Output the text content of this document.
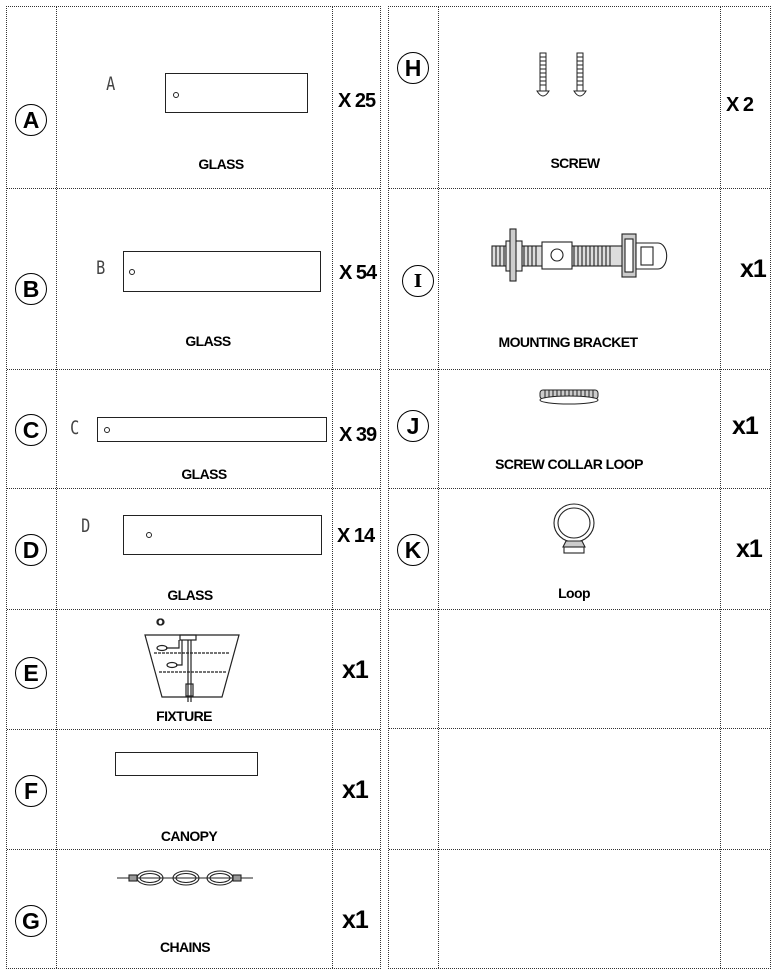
A
A
GLASS
X 25
B
B
GLASS
X 54
C	C
GLASS
X 39
D
D
GLASS
X 14
E
FIXTURE
x1
F
CANOPY
x1
G
CHAINS
x1
H
SCREW
X 2
I
MOUNTING BRACKET
x1
J
SCREW COLLAR LOOP
x1
K
Loop
x1
